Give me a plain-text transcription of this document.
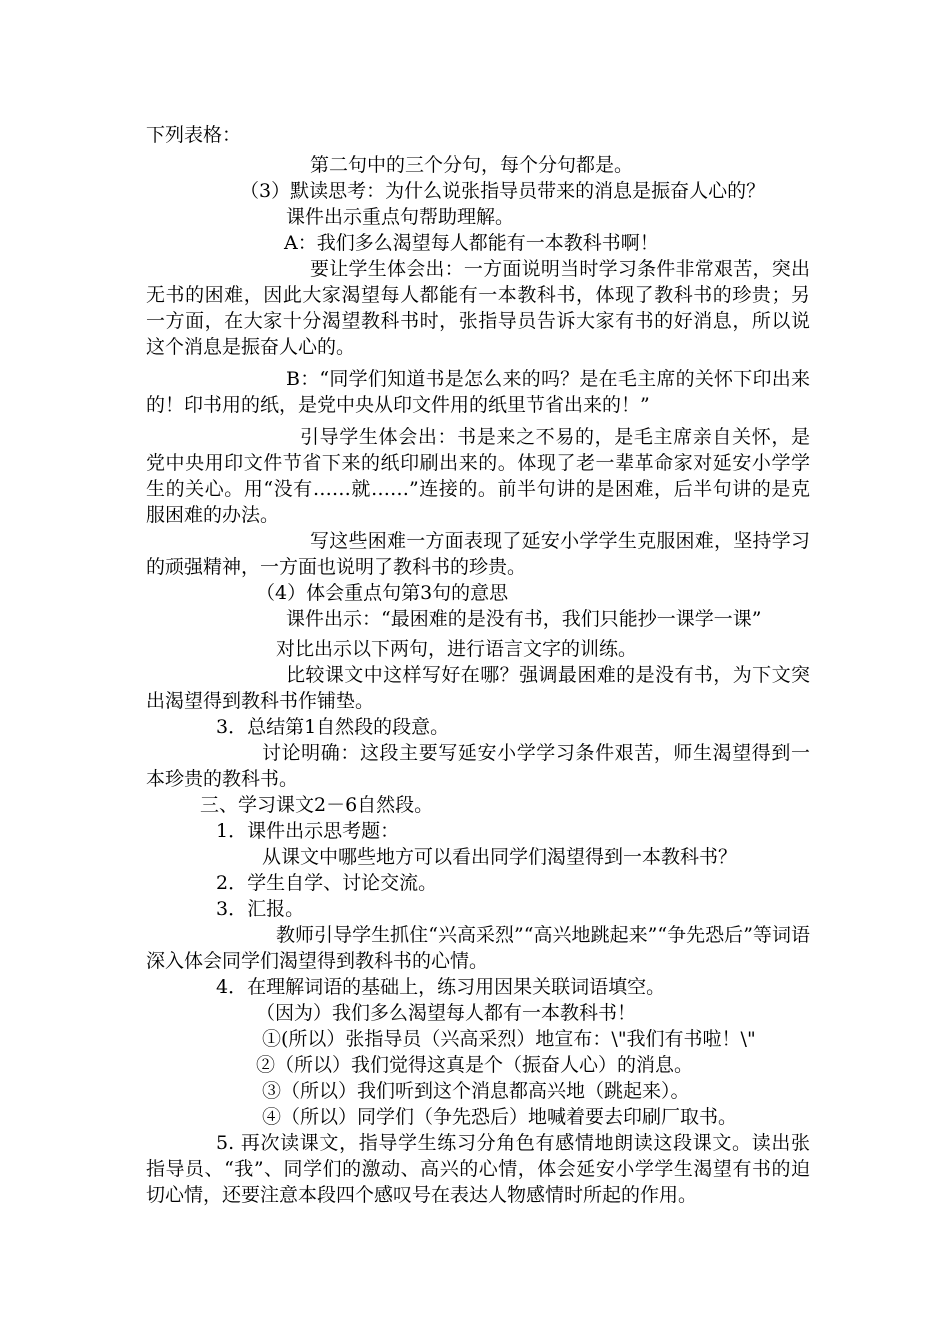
下列表格：

第二句中的三个分句，每个分句都是。

（3）默读思考：为什么说张指导员带来的消息是振奋人心的？

课件出示重点句帮助理解。

A：我们多么渴望每人都能有一本教科书啊！

要让学生体会出：一方面说明当时学习条件非常艰苦，突出无书的困难，因此大家渴望每人都能有一本教科书，体现了教科书的珍贵；另一方面，在大家十分渴望教科书时，张指导员告诉大家有书的好消息，所以说这个消息是振奋人心的。

B：“同学们知道书是怎么来的吗？是在毛主席的关怀下印出来的！印书用的纸，是党中央从印文件用的纸里节省出来的！”

引导学生体会出：书是来之不易的，是毛主席亲自关怀，是党中央用印文件节省下来的纸印刷出来的。体现了老一辈革命家对延安小学学生的关心。用“没有……就……”连接的。前半句讲的是困难，后半句讲的是克服困难的办法。

写这些困难一方面表现了延安小学学生克服困难，坚持学习的顽强精神，一方面也说明了教科书的珍贵。

（4）体会重点句第3句的意思

课件出示：“最困难的是没有书，我们只能抄一课学一课”

对比出示以下两句，进行语言文字的训练。

比较课文中这样写好在哪？强调最困难的是没有书，为下文突出渴望得到教科书作铺垫。

3．总结第1自然段的段意。

讨论明确：这段主要写延安小学学习条件艰苦，师生渴望得到一本珍贵的教科书。

三、学习课文2－6自然段。

1．课件出示思考题：

从课文中哪些地方可以看出同学们渴望得到一本教科书？

2．学生自学、讨论交流。

3．汇报。

教师引导学生抓住“兴高采烈”“高兴地跳起来”“争先恐后”等词语深入体会同学们渴望得到教科书的心情。

4．在理解词语的基础上，练习用因果关联词语填空。

（因为）我们多么渴望每人都有一本教科书！

①(所以）张指导员（兴高采烈）地宣布：\"我们有书啦！\"

②（所以）我们觉得这真是个（振奋人心）的消息。

③（所以）我们听到这个消息都高兴地（跳起来）。

④（所以）同学们（争先恐后）地喊着要去印刷厂取书。

5. 再次读课文，指导学生练习分角色有感情地朗读这段课文。读出张指导员、“我”、同学们的激动、高兴的心情，体会延安小学学生渴望有书的迫切心情，还要注意本段四个感叹号在表达人物感情时所起的作用。
